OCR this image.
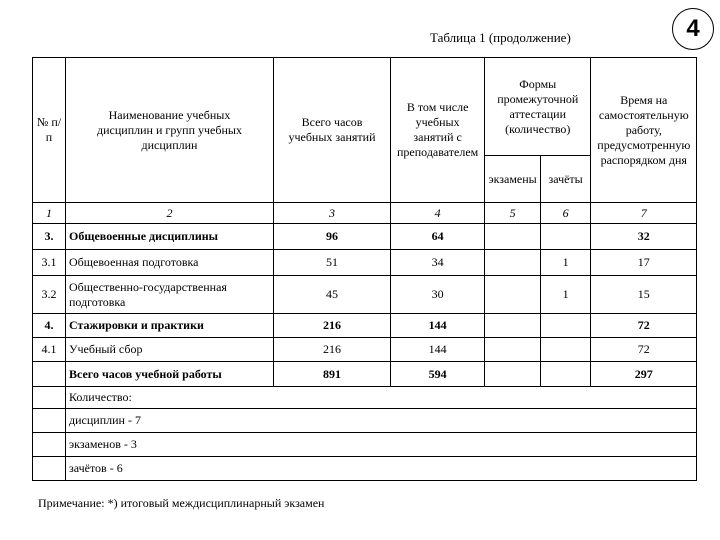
Таблица 1 (продолжение)	4
№ п/п	Наименование учебных дисциплин и групп учебных дисциплин	Всего часов учебных занятий	В том числе учебных занятий с преподавателем	Формы промежуточной аттестации (количество)		Время на самостоятельную работу, предусмотренную распорядком дня
				экзамены	зачёты	
1	2	3	4	5	6	7
3.	Общевоенные дисциплины	96	64			32
3.1	Общевоенная подготовка	51	34		1	17
3.2	Общественно-государственная подготовка	45	30		1	15
4.	Стажировки и практики	216	144			72
4.1	Учебный сбор	216	144			72
	Всего часов учебной работы	891	594			297
	Количество:					
	дисциплин - 7					
	экзаменов - 3					
	зачётов - 6					
Примечание: *) итоговый междисциплинарный экзамен
